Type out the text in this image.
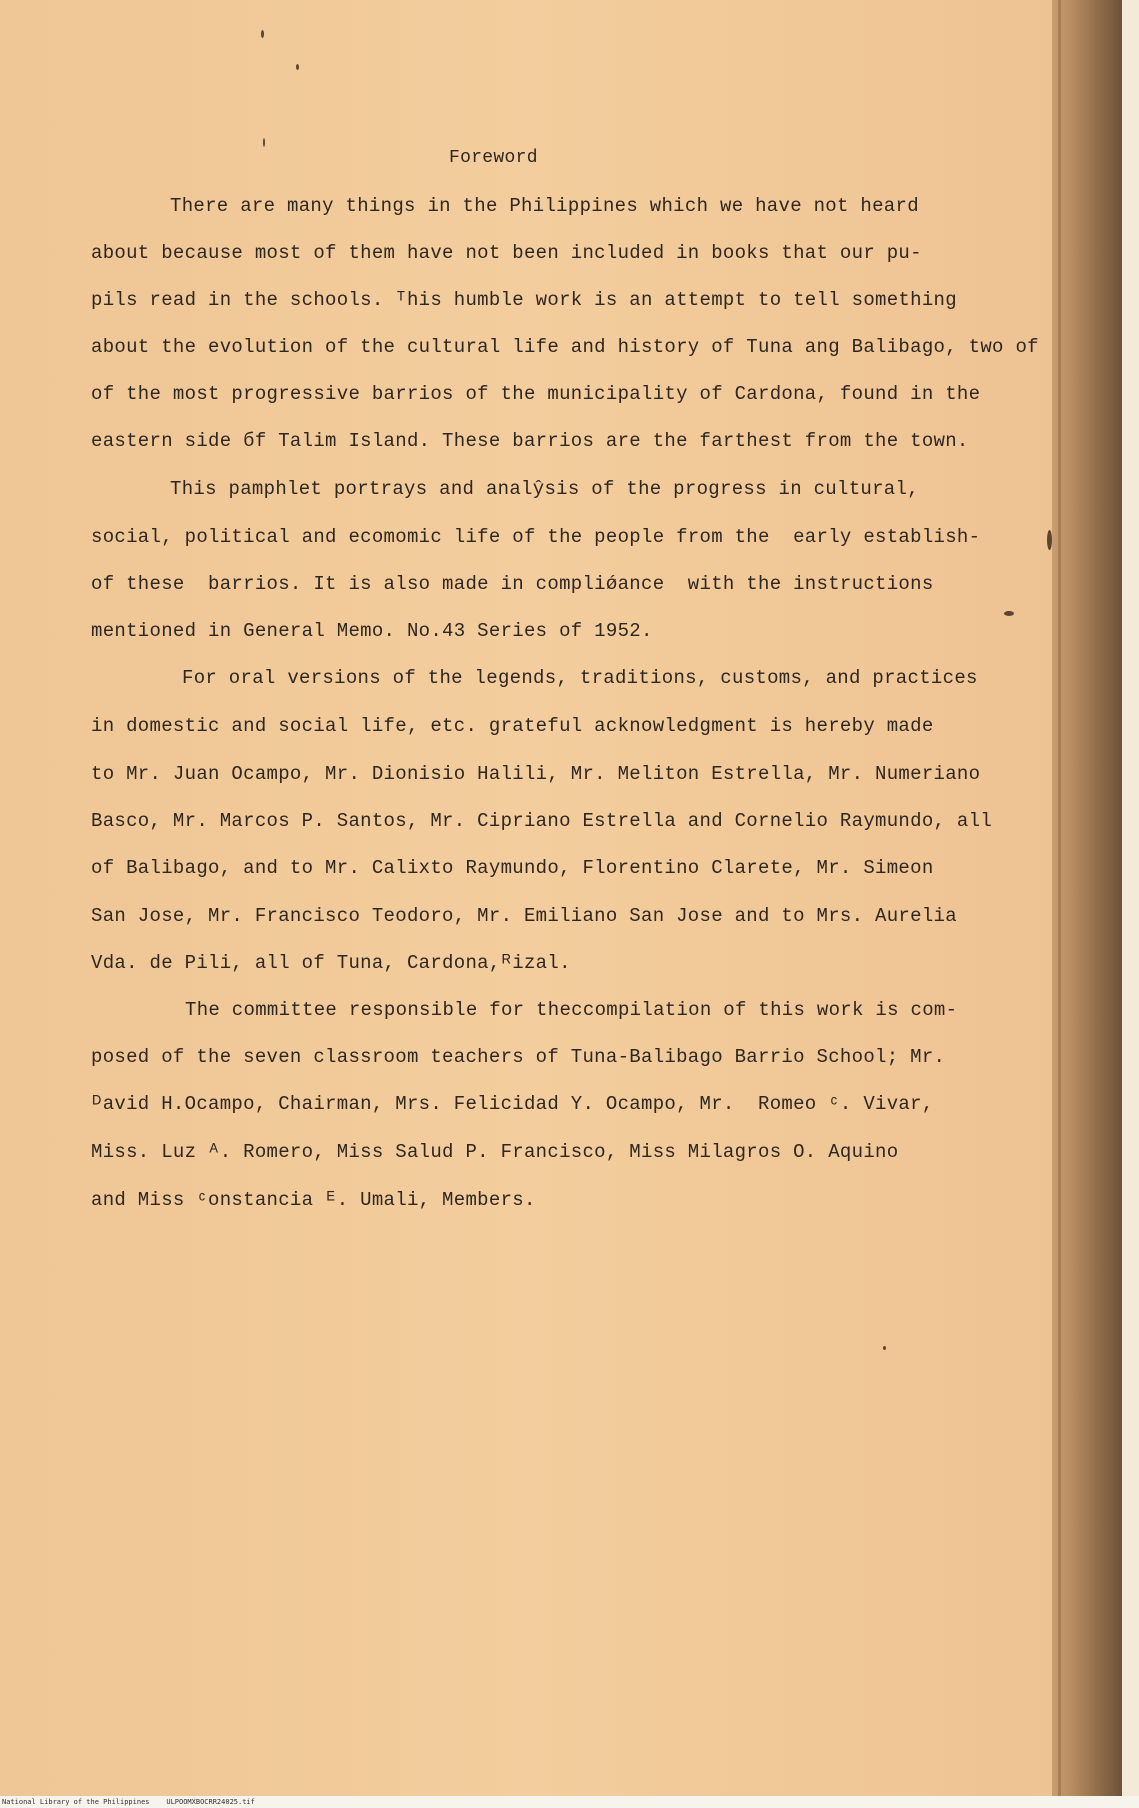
Foreword
There are many things in the Philippines which we have not heard
about because most of them have not been included in books that our pu-
pils read in the schools. ᵀhis humble work is an attempt to tell something
about the evolution of the cultural life and history of Tuna ang Balibago, two of
of the most progressive barrios of the municipality of Cardona, found in the
eastern side бf Talim Island. These barrios are the farthest from the town.
This pamphlet portrays and analŷsis of the progress in cultural,
social, political and ecomomic life of the people from the  early establish-
of these  barrios. It is also made in compliǿance  with the instructions
mentioned in General Memo. No.43 Series of 1952.
For oral versions of the legends, traditions, customs, and practices
in domestic and social life, etc. grateful acknowledgment is hereby made
to Mr. Juan Ocampo, Mr. Dionisio Halili, Mr. Meliton Estrella, Mr. Numeriano
Basco, Mr. Marcos P. Santos, Mr. Cipriano Estrella and Cornelio Raymundo, all
of Balibago, and to Mr. Calixto Raymundo, Florentino Clarete, Mr. Simeon
San Jose, Mr. Francisco Teodoro, Mr. Emiliano San Jose and to Mrs. Aurelia
Vda. de Pili, all of Tuna, Cardona,ᴿizal.
The committee responsible for theccompilation of this work is com-
posed of the seven classroom teachers of Tuna-Balibago Barrio School; Mr.
ᴰavid H.Ocampo, Chairman, Mrs. Felicidad Y. Ocampo, Mr.  Romeo ᶜ. Vivar,
Miss. Luz ᴬ. Romero, Miss Salud P. Francisco, Miss Milagros O. Aquino
and Miss ᶜonstancia ᴱ. Umali, Members.
National Library of the Philippines    ULPOOMXBOCRR24025.tif
